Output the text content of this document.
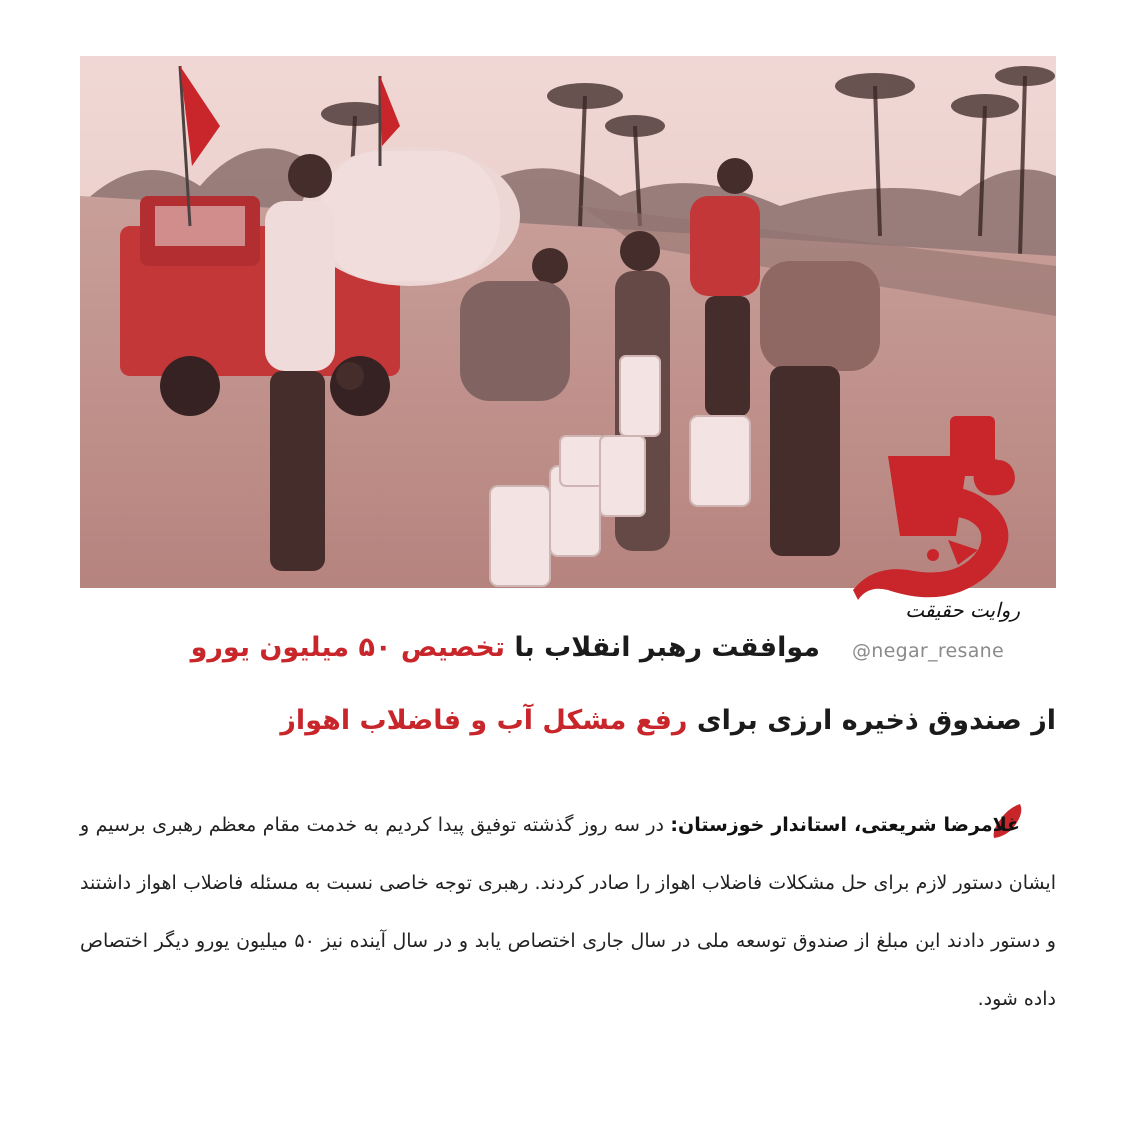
روایت حقیقت
@negar_resane
موافقت رهبر انقلاب با تخصیص ۵۰ میلیون یورو
از صندوق ذخیره ارزی برای رفع مشکل آب و فاضلاب اهواز
غلامرضا شریعتی، استاندار خوزستان: در سه روز گذشته توفیق پیدا کردیم به خدمت مقام معظم رهبری برسیم و ایشان دستور لازم برای حل مشکلات فاضلاب اهواز را صادر کردند. رهبری توجه خاصی نسبت به مسئله فاضلاب اهواز داشتند و دستور دادند این مبلغ از صندوق توسعه ملی در سال جاری اختصاص یابد و در سال آینده نیز ۵۰ میلیون یورو دیگر اختصاص داده شود.
